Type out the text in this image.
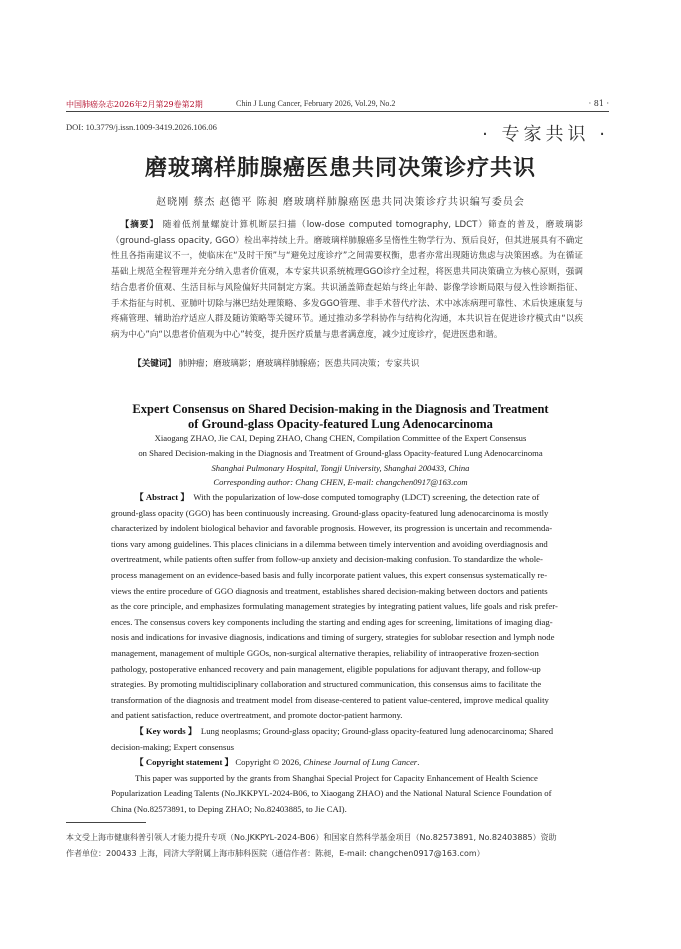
中国肺癌杂志2026年2月第29卷第2期	Chin J Lung Cancer, February 2026, Vol.29, No.2	· 81 ·
DOI: 10.3779/j.issn.1009-3419.2026.106.06	· 专家共识 ·
磨玻璃样肺腺癌医患共同决策诊疗共识
赵晓刚 蔡杰 赵德平 陈昶 磨玻璃样肺腺癌医患共同决策诊疗共识编写委员会

 【摘要】 随着低剂量螺旋计算机断层扫描（low-dose computed tomography, LDCT）筛查的普及，磨玻璃影（ground-glass opacity, GGO）检出率持续上升。磨玻璃样肺腺癌多呈惰性生物学行为、预后良好，但其进展具有不确定性且各指南建议不一，使临床在“及时干预”与“避免过度诊疗”之间需要权衡，患者亦常出现随访焦虑与决策困惑。为在循证基础上规范全程管理并充分纳入患者价值观，本专家共识系统梳理GGO诊疗全过程，将医患共同决策确立为核心原则，强调结合患者价值观、生活目标与风险偏好共同制定方案。共识涵盖筛查起始与终止年龄、影像学诊断局限与侵入性诊断指征、手术指征与时机、亚肺叶切除与淋巴结处理策略、多发GGO管理、非手术替代疗法、术中冰冻病理可靠性、术后快速康复与疼痛管理、辅助治疗适应人群及随访策略等关键环节。通过推动多学科协作与结构化沟通，本共识旨在促进诊疗模式由“以疾病为中心”向“以患者价值观为中心”转变，提升医疗质量与患者满意度，减少过度诊疗，促进医患和谐。

【关键词】 肺肿瘤；磨玻璃影；磨玻璃样肺腺癌；医患共同决策；专家共识
Expert Consensus on Shared Decision-making in the Diagnosis and Treatment
of Ground-glass Opacity-featured Lung Adenocarcinoma
Xiaogang ZHAO, Jie CAI, Deping ZHAO, Chang CHEN, Compilation Committee of the Expert Consensus
on Shared Decision-making in the Diagnosis and Treatment of Ground-glass Opacity-featured Lung Adenocarcinoma
Shanghai Pulmonary Hospital, Tongji University, Shanghai 200433, China
Corresponding author: Chang CHEN, E-mail: changchen0917@163.com
【 Abstract 】 With the popularization of low-dose computed tomography (LDCT) screening, the detection rate of
ground-glass opacity (GGO) has been continuously increasing. Ground-glass opacity-featured lung adenocarcinoma is mostly
characterized by indolent biological behavior and favorable prognosis. However, its progression is uncertain and recommenda-
tions vary among guidelines. This places clinicians in a dilemma between timely intervention and avoiding overdiagnosis and
overtreatment, while patients often suffer from follow-up anxiety and decision-making confusion. To standardize the whole-
process management on an evidence-based basis and fully incorporate patient values, this expert consensus systematically re-
views the entire procedure of GGO diagnosis and treatment, establishes shared decision-making between doctors and patients
as the core principle, and emphasizes formulating management strategies by integrating patient values, life goals and risk prefer-
ences. The consensus covers key components including the starting and ending ages for screening, limitations of imaging diag-
nosis and indications for invasive diagnosis, indications and timing of surgery, strategies for sublobar resection and lymph node
management, management of multiple GGOs, non-surgical alternative therapies, reliability of intraoperative frozen-section
pathology, postoperative enhanced recovery and pain management, eligible populations for adjuvant therapy, and follow-up
strategies. By promoting multidisciplinary collaboration and structured communication, this consensus aims to facilitate the
transformation of the diagnosis and treatment model from disease-centered to patient value-centered, improve medical quality
and patient satisfaction, reduce overtreatment, and promote doctor-patient harmony.
【 Key words 】 Lung neoplasms; Ground-glass opacity; Ground-glass opacity-featured lung adenocarcinoma; Shared
decision-making; Expert consensus
【 Copyright statement 】 Copyright © 2026, Chinese Journal of Lung Cancer.
This paper was supported by the grants from Shanghai Special Project for Capacity Enhancement of Health Science
Popularization Leading Talents (No.JKKPYL-2024-B06, to Xiaogang ZHAO) and the National Natural Science Foundation of
China (No.82573891, to Deping ZHAO; No.82403885, to Jie CAI).
本文受上海市健康科普引领人才能力提升专项（No.JKKPYL-2024-B06）和国家自然科学基金项目（No.82573891, No.82403885）资助
作者单位：200433 上海，同济大学附属上海市肺科医院（通信作者：陈昶，E-mail: changchen0917@163.com）
